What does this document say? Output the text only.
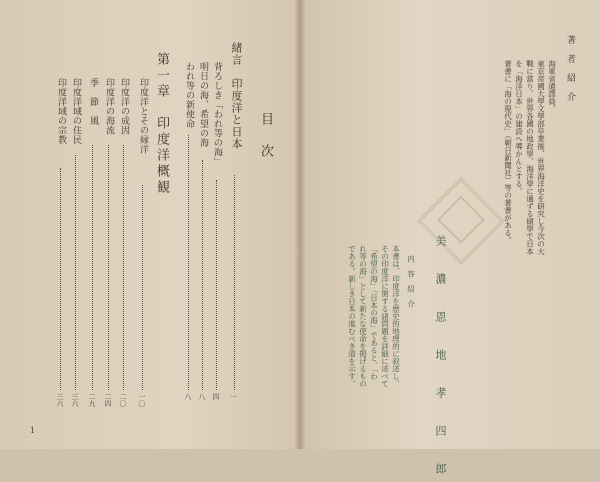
目　次
緒言　印度洋と日本
一
背ろしき「われ等の海」
四
明日の海、希望の海
八
われ等の新使命
八
第一章　印度洋概観
印度洋とその縁洋
一〇
印度洋の成因
二〇
印度洋の海流
二四
季　節　風
二九
印度洋域の住民
三六
印度洋域の宗教
三六
1
著　者　紹　介
海軍省通譯員。
東京帝國大學文學部卒業後、世界海洋史を研究し今次の大
戰に當り、世界各國の地政學、海洋學に通ずる碩學で日本
を「海洋日本」の建設へ導かんとする。
著書に「海の現代史」（朝日新聞社）等の著書がある。
美　濃　恩　地　孝　四　郎
内　容　紹　介
本書は、印度洋を歴史的地理的に叙述し、
その印度洋に関する諸問題を詳細に述べて
「希望の海」「日本の海」であると、「わ
れ等の海」として新たな使命を掲げるもの
である。新しき日本の進むべき道を示す。
